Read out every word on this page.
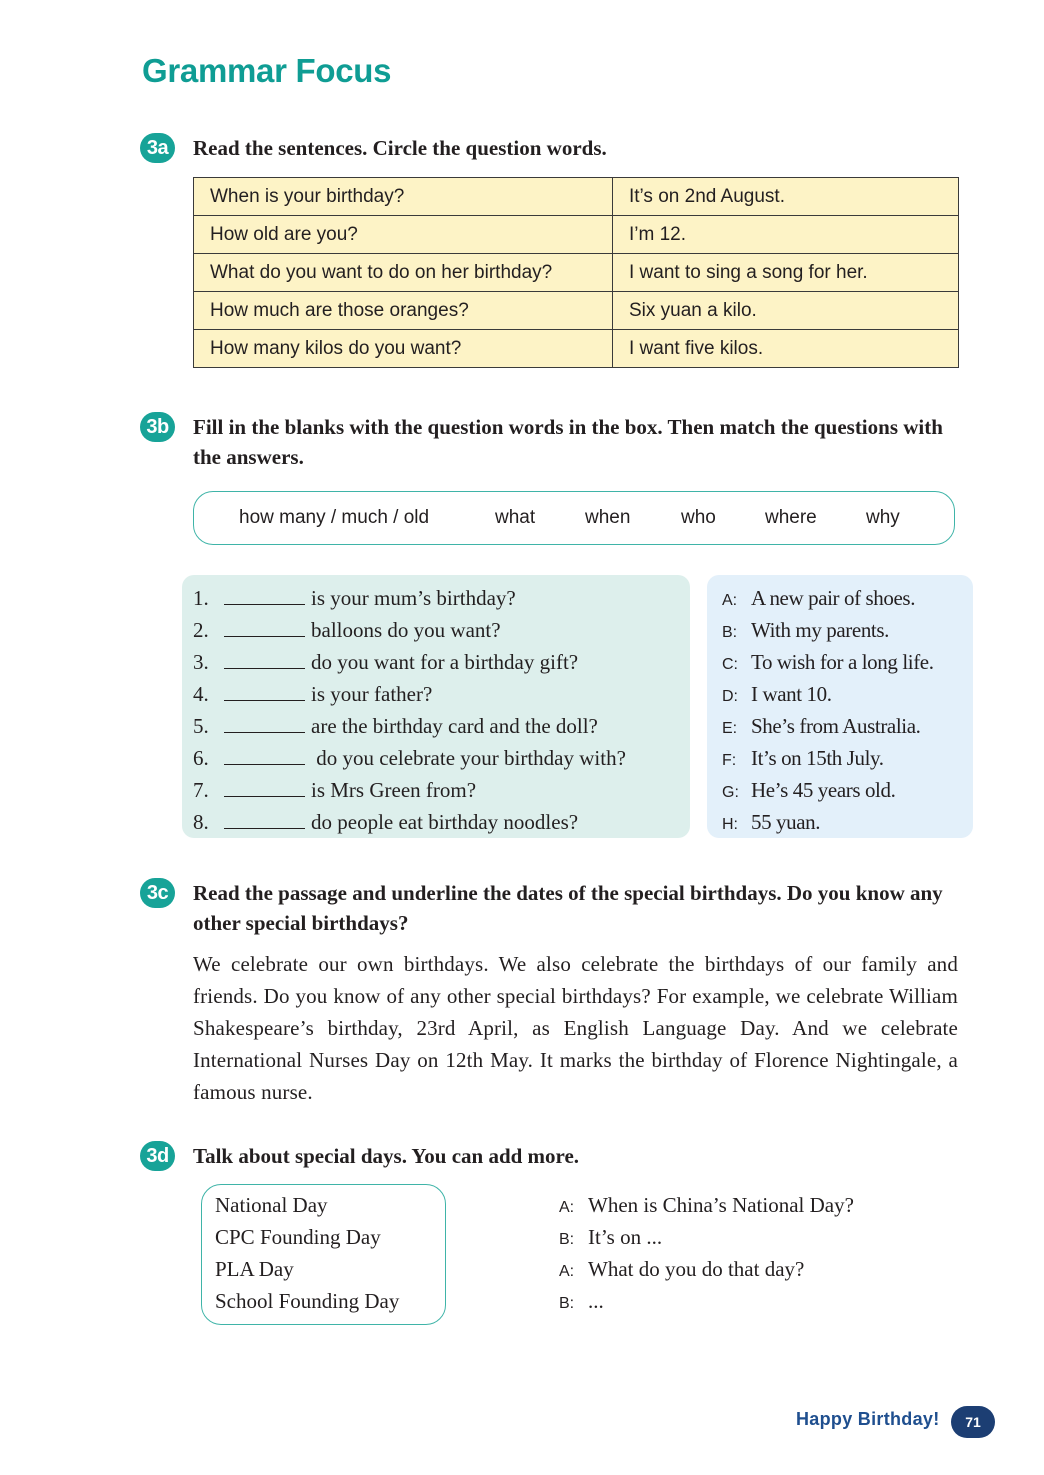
Grammar Focus
3a	Read the sentences. Circle the question words.

When is your birthday?	It’s on 2nd August.
How old are you?	I’m 12.
What do you want to do on her birthday?	I want to sing a song for her.
How much are those oranges?	Six yuan a kilo.
How many kilos do you want?	I want five kilos.
3b	Fill in the blanks with the question words in the box. Then match the questions with the answers.

how many / much / old	what	when	who	where	why
1.	is your mum’s birthday?
2.	balloons do you want?
3.	do you want for a birthday gift?
4.	is your father?
5.	are the birthday card and the doll?
6.	do you celebrate your birthday with?
7.	is Mrs Green from?
8.	do people eat birthday noodles?
A: A new pair of shoes.
B: With my parents.
C: To wish for a long life.
D: I want 10.
E: She’s from Australia.
F: It’s on 15th July.
G: He’s 45 years old.
H: 55 yuan.
3c	Read the passage and underline the dates of the special birthdays. Do you know any other special birthdays?

We celebrate our own birthdays. We also celebrate the birthdays of our family and friends. Do you know of any other special birthdays? For example, we celebrate William Shakespeare’s birthday, 23rd April, as English Language Day. And we celebrate International Nurses Day on 12th May. It marks the birthday of Florence Nightingale, a famous nurse.

3d	Talk about special days. You can add more.

National Day
CPC Founding Day
PLA Day
School Founding Day
A: When is China’s National Day?
B: It’s on ...
A: What do you do that day?
B: ...
Happy Birthday!	71
